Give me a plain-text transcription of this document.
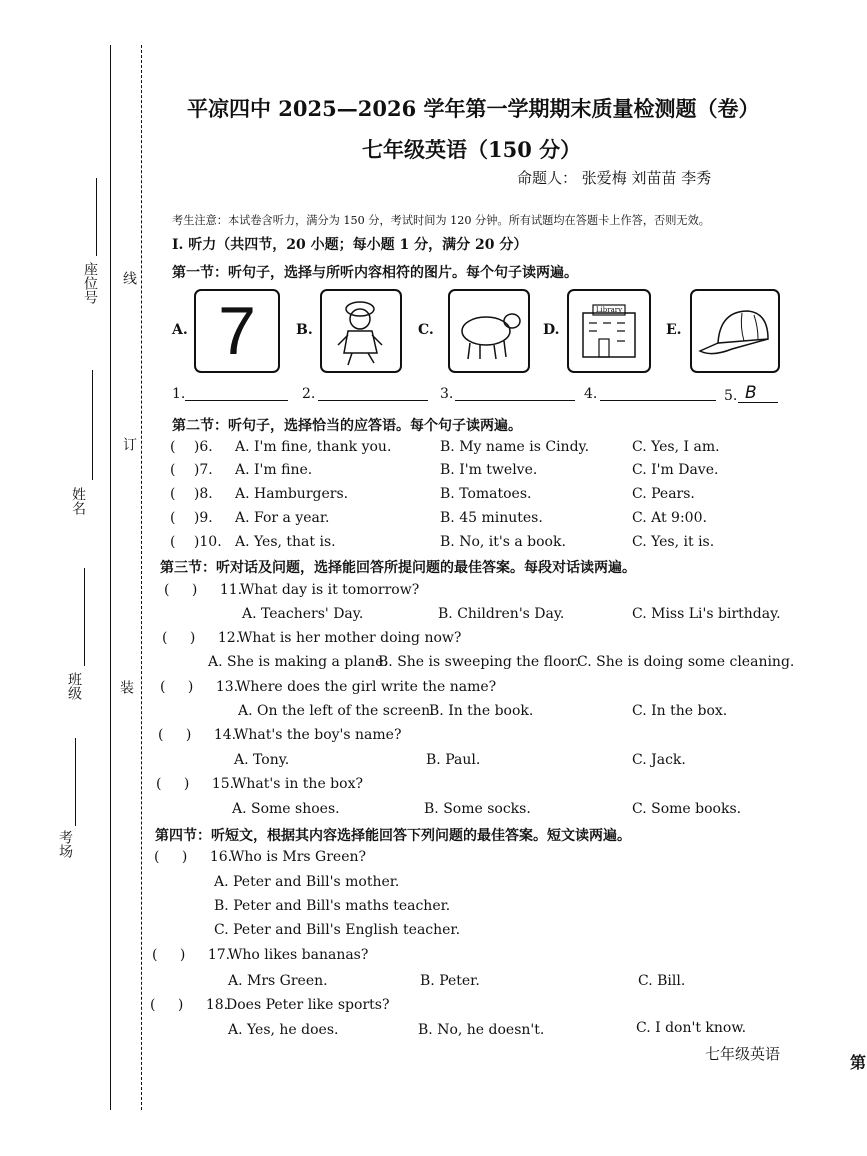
座位号
姓名
班级
考场
线
订
装
平凉四中 2025—2026 学年第一学期期末质量检测题（卷）
七年级英语（150 分）
命题人： 张爱梅 刘苗苗 李秀
考生注意：本试卷含听力，满分为 150 分，考试时间为 120 分钟。所有试题均在答题卡上作答，否则无效。
I. 听力（共四节，20 小题；每小题 1 分，满分 20 分）
第一节：听句子，选择与所听内容相符的图片。每个句子读两遍。
A. 7	B.	C.	D.
Library
E.
1.	2.	3.	4.	5. B
第二节：听句子，选择恰当的应答语。每个句子读两遍。
( )6. A. I'm fine, thank you.	B. My name is Cindy.	C. Yes, I am.
( )7. A. I'm fine.	B. I'm twelve.	C. I'm Dave.
( )8. A. Hamburgers.	B. Tomatoes.	C. Pears.
( )9. A. For a year.	B. 45 minutes.	C. At 9:00.
( )10. A. Yes, that is.	B. No, it's a book.	C. Yes, it is.
第三节：听对话及问题，选择能回答所提问题的最佳答案。每段对话读两遍。
( ) 11.
What day is it tomorrow?
A. Teachers' Day.	B. Children's Day.	C. Miss Li's birthday.
( ) 12.
What is her mother doing now?
A. She is making a plane.
B. She is sweeping the floor.
C. She is doing some cleaning.
( ) 13.
Where does the girl write the name?
A. On the left of the screen.
B. In the book.	C. In the box.
( ) 14.
What's the boy's name?
A. Tony.	B. Paul.	C. Jack.
( ) 15.
What's in the box?
A. Some shoes.	B. Some socks.	C. Some books.
第四节：听短文，根据其内容选择能回答下列问题的最佳答案。短文读两遍。
( ) 16.
Who is Mrs Green?
A. Peter and Bill's mother.
B. Peter and Bill's maths teacher.
C. Peter and Bill's English teacher.
( ) 17.
Who likes bananas?
A. Mrs Green.	B. Peter.	C. Bill.
( ) 18.
Does Peter like sports?
A. Yes, he does.	B. No, he doesn't.	C. I don't know.
七年级英语	第
